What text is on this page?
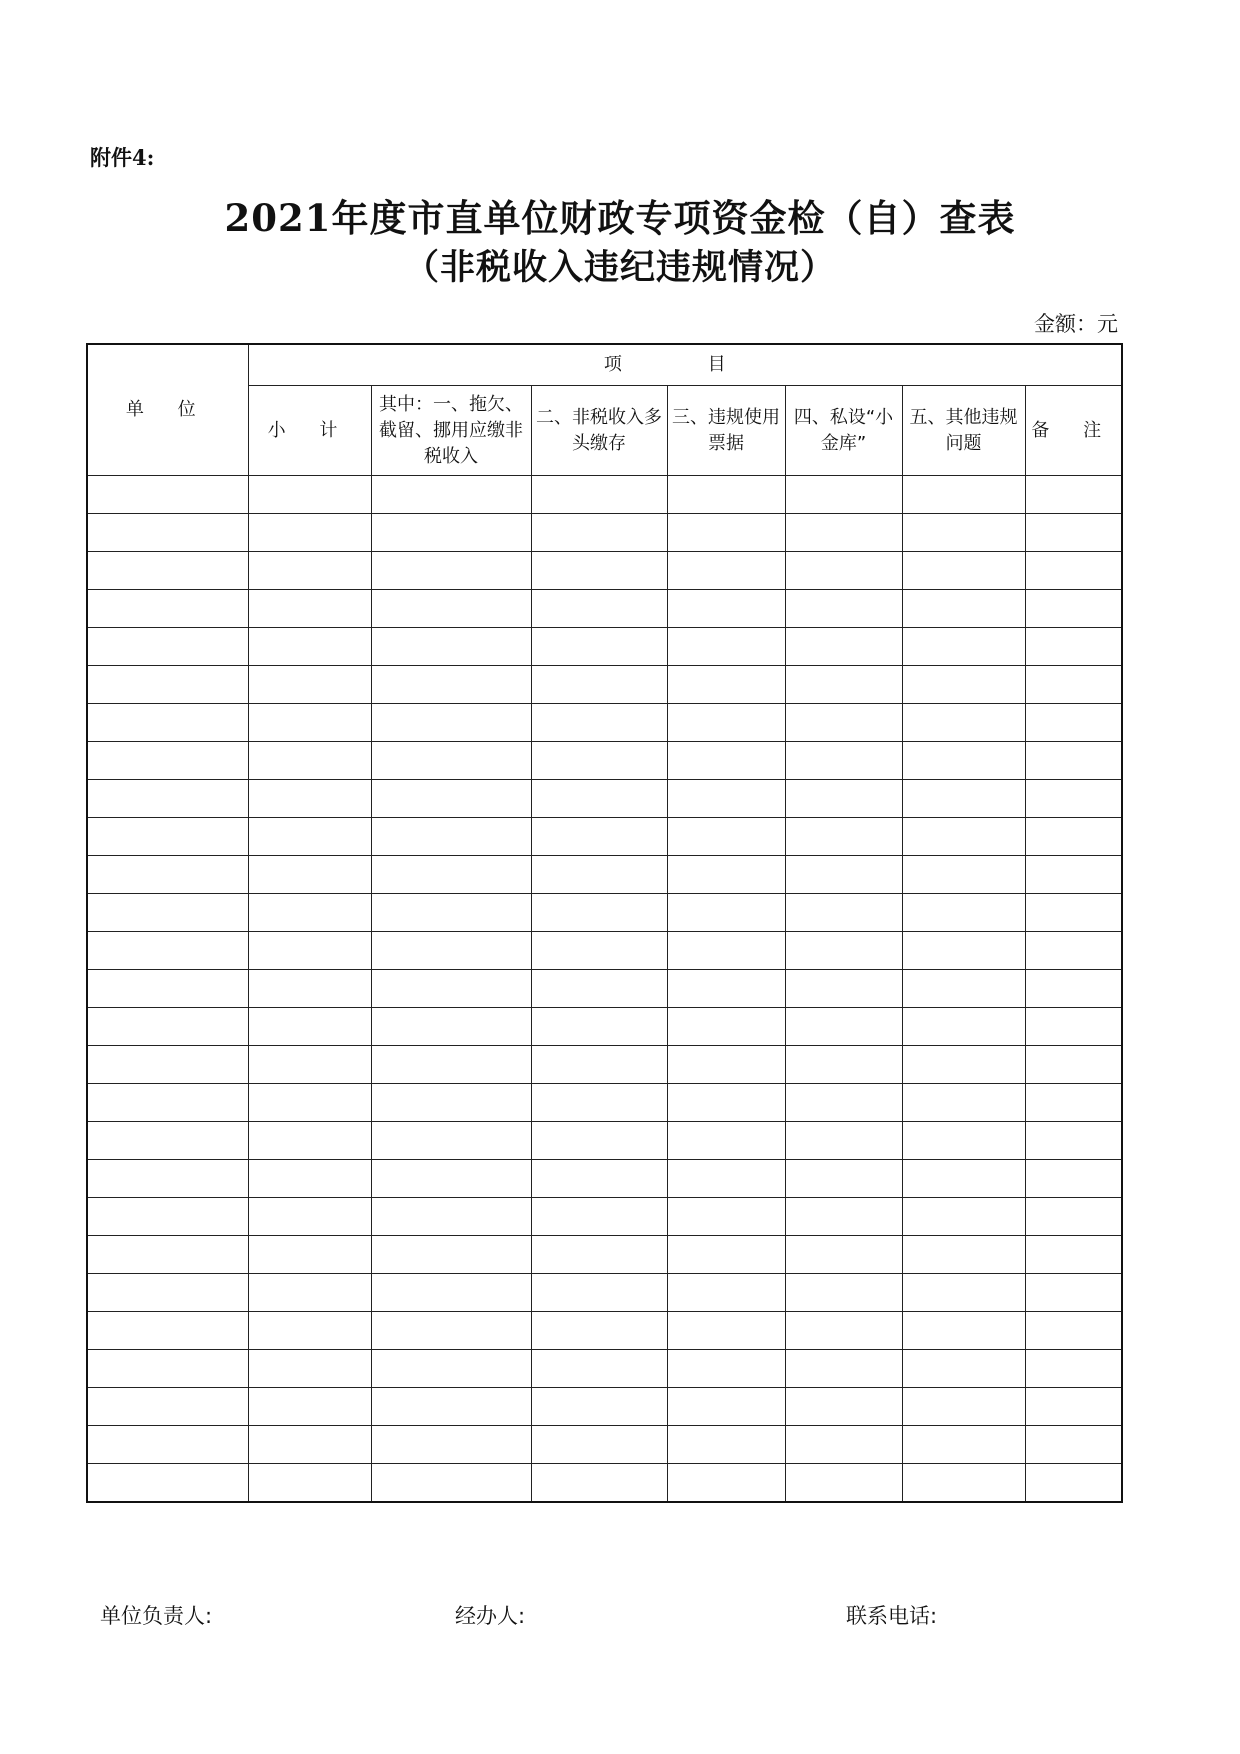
附件4:
2021年度市直单位财政专项资金检（自）查表
（非税收入违纪违规情况）
金额：元
单 位	项 目						
	小 计	其中：一、拖欠、截留、挪用应缴非税收入	二、非税收入多头缴存	三、违规使用票据	四、私设“小金库”	五、其他违规问题	备 注

单位负责人:	经办人:	联系电话:
